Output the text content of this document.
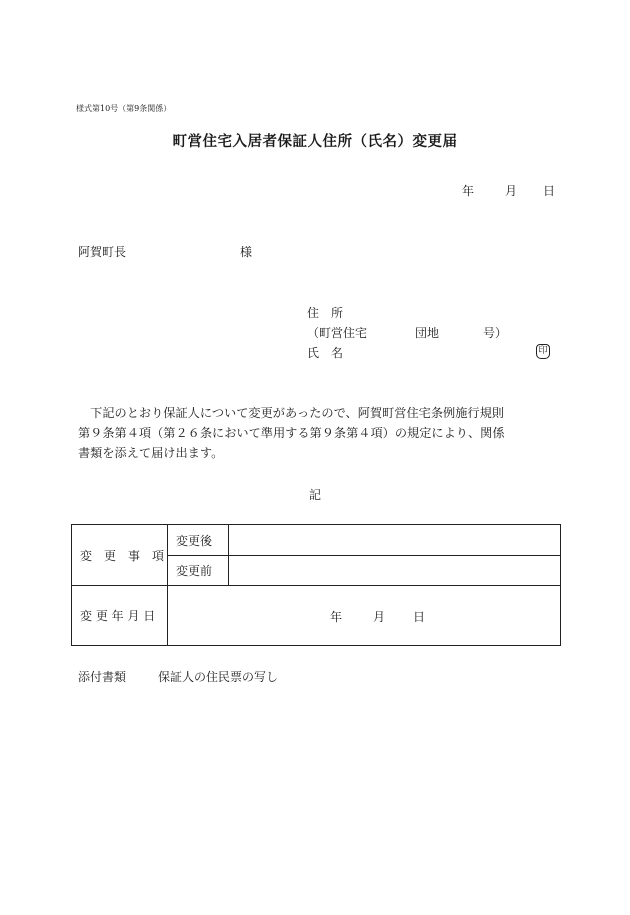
様式第10号（第9条関係）
町営住宅入居者保証人住所（氏名）変更届
年	月 日
阿賀町長	様
住　所
（町営住宅	団地	号）
氏　名	印
　下記のとおり保証人について変更があったので、阿賀町営住宅条例施行規則
第９条第４項（第２６条において準用する第９条第４項）の規定により、関係
書類を添えて届け出ます。
記
変　更　事　項	変更後	
	変更前	
変 更 年 月 日	年 月 日	
添付書類	保証人の住民票の写し
